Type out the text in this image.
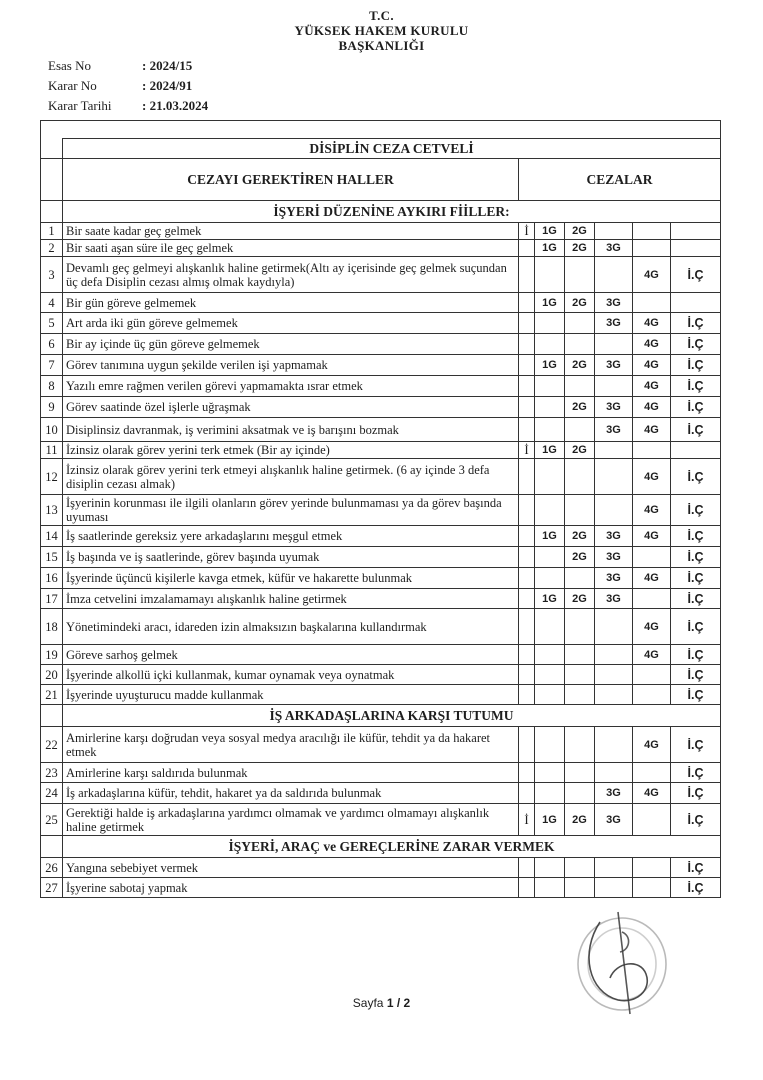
T.C.
YÜKSEK HAKEM KURULU
BAŞKANLIĞI
Esas No	: 2024/15
Karar No	: 2024/91
Karar Tarihi	: 21.03.2024

	DİSİPLİN CEZA CETVELİ						
	CEZAYI GEREKTİREN HALLER	CEZALAR					
	İŞYERİ DÜZENİNE AYKIRI FİİLLER:						
1	Bir saate kadar geç gelmek	İ	1G	2G			
2	Bir saati aşan süre ile geç gelmek		1G	2G	3G		
3	Devamlı geç gelmeyi alışkanlık haline getirmek(Altı ay içerisinde geç gelmek suçundan üç defa Disiplin cezası almış olmak kaydıyla)					4G	İ.Ç
4	Bir gün göreve gelmemek		1G	2G	3G		
5	Art arda iki gün göreve gelmemek				3G	4G	İ.Ç
6	Bir ay içinde üç gün göreve gelmemek					4G	İ.Ç
7	Görev tanımına uygun şekilde verilen işi yapmamak		1G	2G	3G	4G	İ.Ç
8	Yazılı emre rağmen verilen görevi yapmamakta ısrar etmek					4G	İ.Ç
9	Görev saatinde özel işlerle uğraşmak			2G	3G	4G	İ.Ç
10	Disiplinsiz davranmak, iş verimini aksatmak ve iş barışını bozmak				3G	4G	İ.Ç
11	İzinsiz olarak görev yerini terk etmek (Bir ay içinde)	İ	1G	2G			
12	İzinsiz olarak görev yerini terk etmeyi alışkanlık haline getirmek. (6 ay içinde 3 defa disiplin cezası almak)					4G	İ.Ç
13	İşyerinin korunması ile ilgili olanların görev yerinde bulunmaması ya da görev başında uyuması					4G	İ.Ç
14	İş saatlerinde gereksiz yere arkadaşlarını meşgul etmek		1G	2G	3G	4G	İ.Ç
15	İş başında ve iş saatlerinde, görev başında uyumak			2G	3G		İ.Ç
16	İşyerinde üçüncü kişilerle kavga etmek, küfür ve hakarette bulunmak				3G	4G	İ.Ç
17	İmza cetvelini imzalamamayı alışkanlık haline getirmek		1G	2G	3G		İ.Ç
18	Yönetimindeki aracı, idareden izin almaksızın başkalarına kullandırmak					4G	İ.Ç
19	Göreve sarhoş gelmek					4G	İ.Ç
20	İşyerinde alkollü içki kullanmak, kumar oynamak veya oynatmak						İ.Ç
21	İşyerinde uyuşturucu madde kullanmak						İ.Ç
	İŞ ARKADAŞLARINA KARŞI TUTUMU						
22	Amirlerine karşı doğrudan veya sosyal medya aracılığı ile küfür, tehdit ya da hakaret etmek					4G	İ.Ç
23	Amirlerine karşı saldırıda bulunmak						İ.Ç
24	İş arkadaşlarına küfür, tehdit, hakaret ya da saldırıda bulunmak				3G	4G	İ.Ç
25	Gerektiği halde iş arkadaşlarına yardımcı olmamak ve yardımcı olmamayı alışkanlık haline getirmek	İ	1G	2G	3G		İ.Ç
	İŞYERİ, ARAÇ ve GEREÇLERİNE ZARAR VERMEK						
26	Yangına sebebiyet vermek						İ.Ç
27	İşyerine sabotaj yapmak						İ.Ç
Sayfa 1 / 2
